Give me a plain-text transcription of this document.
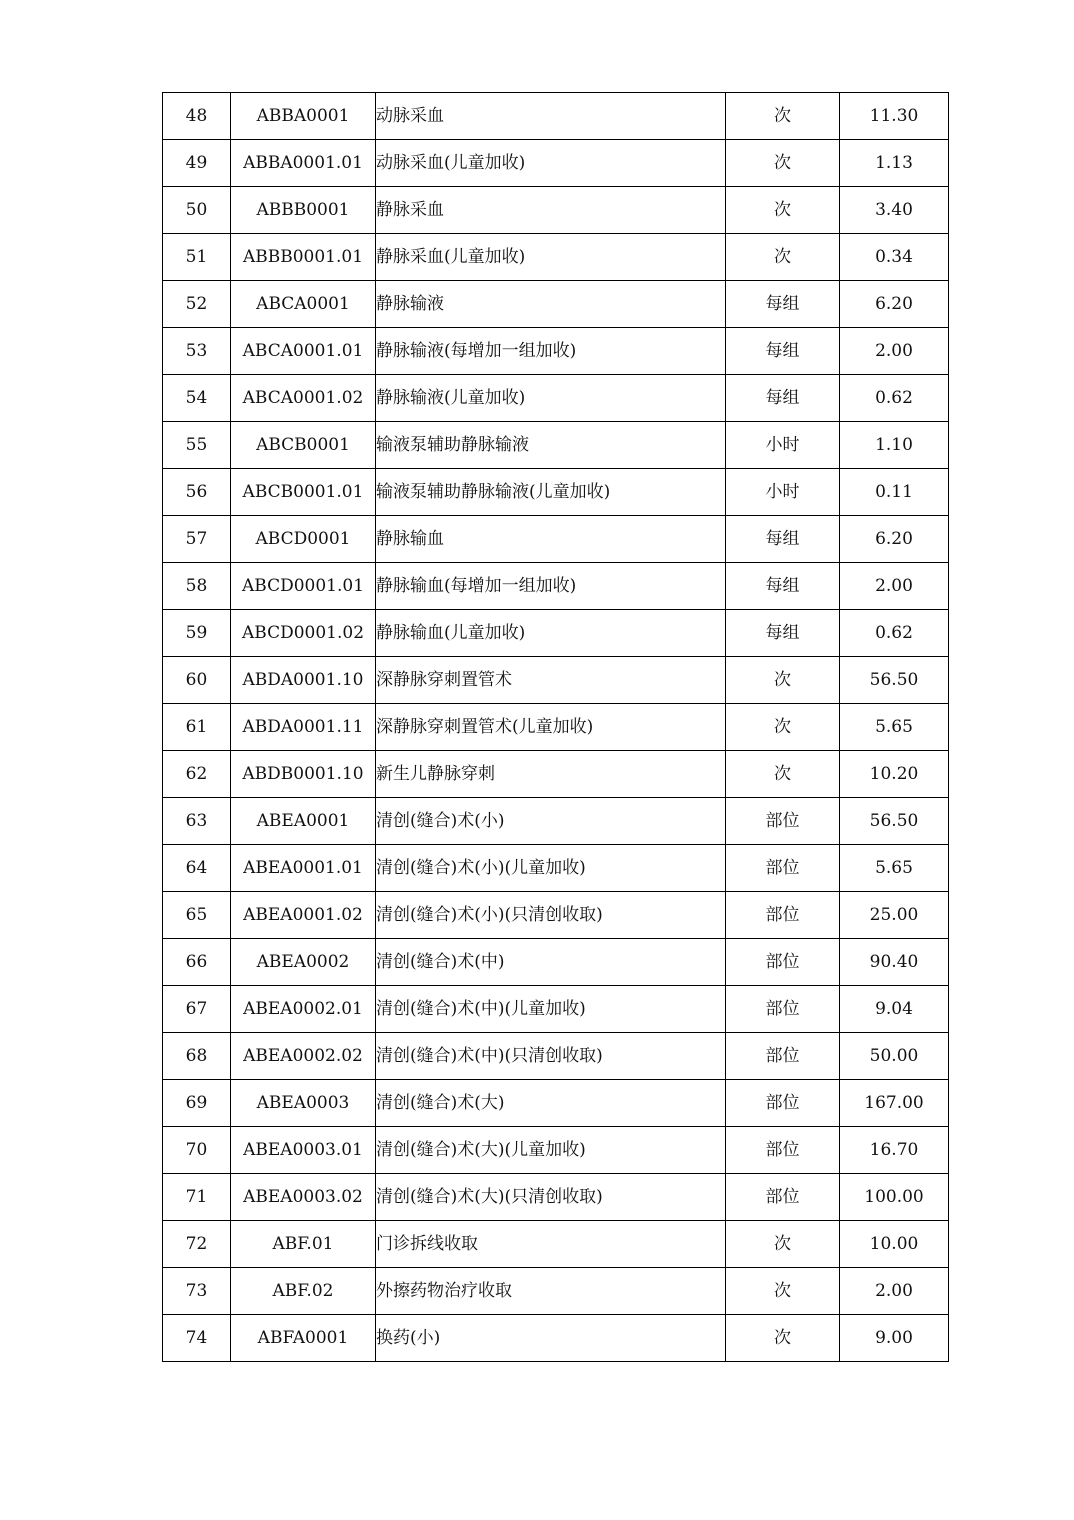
48	ABBA0001	动脉采血	次	11.30
49	ABBA0001.01	动脉采血(儿童加收)	次	1.13
50	ABBB0001	静脉采血	次	3.40
51	ABBB0001.01	静脉采血(儿童加收)	次	0.34
52	ABCA0001	静脉输液	每组	6.20
53	ABCA0001.01	静脉输液(每增加一组加收)	每组	2.00
54	ABCA0001.02	静脉输液(儿童加收)	每组	0.62
55	ABCB0001	输液泵辅助静脉输液	小时	1.10
56	ABCB0001.01	输液泵辅助静脉输液(儿童加收)	小时	0.11
57	ABCD0001	静脉输血	每组	6.20
58	ABCD0001.01	静脉输血(每增加一组加收)	每组	2.00
59	ABCD0001.02	静脉输血(儿童加收)	每组	0.62
60	ABDA0001.10	深静脉穿刺置管术	次	56.50
61	ABDA0001.11	深静脉穿刺置管术(儿童加收)	次	5.65
62	ABDB0001.10	新生儿静脉穿刺	次	10.20
63	ABEA0001	清创(缝合)术(小)	部位	56.50
64	ABEA0001.01	清创(缝合)术(小)(儿童加收)	部位	5.65
65	ABEA0001.02	清创(缝合)术(小)(只清创收取)	部位	25.00
66	ABEA0002	清创(缝合)术(中)	部位	90.40
67	ABEA0002.01	清创(缝合)术(中)(儿童加收)	部位	9.04
68	ABEA0002.02	清创(缝合)术(中)(只清创收取)	部位	50.00
69	ABEA0003	清创(缝合)术(大)	部位	167.00
70	ABEA0003.01	清创(缝合)术(大)(儿童加收)	部位	16.70
71	ABEA0003.02	清创(缝合)术(大)(只清创收取)	部位	100.00
72	ABF.01	门诊拆线收取	次	10.00
73	ABF.02	外擦药物治疗收取	次	2.00
74	ABFA0001	换药(小)	次	9.00
